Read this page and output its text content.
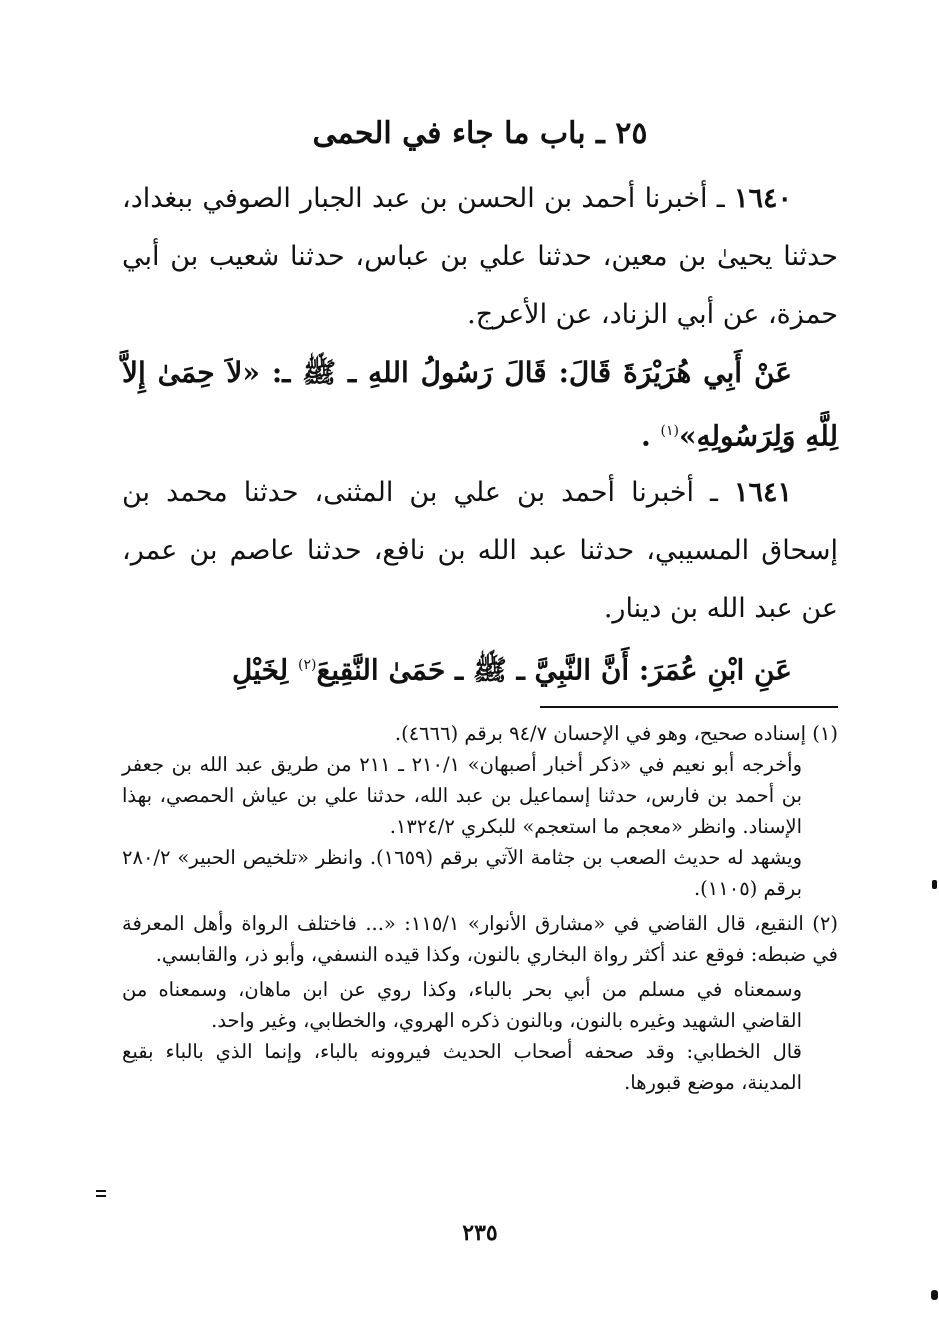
٢٥ ـ باب ما جاء في الحمى

١٦٤٠ ـ أخبرنا أحمد بن الحسن بن عبد الجبار الصوفي ببغداد، حدثنا يحيىٰ بن معين، حدثنا علي بن عباس، حدثنا شعيب بن أبي حمزة، عن أبي الزناد، عن الأعرج.

عَنْ أَبِي هُرَيْرَةَ قَالَ: قَالَ رَسُولُ اللهِ ـ ﷺ ـ: «لاَ حِمَىٰ إِلاَّ لِلَّهِ وَلِرَسُولِهِ»$^{(١)}$ .

١٦٤١ ـ أخبرنا أحمد بن علي بن المثنى، حدثنا محمد بن إسحاق المسيبي، حدثنا عبد الله بن نافع، حدثنا عاصم بن عمر، عن عبد الله بن دينار.

عَنِ ابْنِ عُمَرَ: أَنَّ النَّبِيَّ ـ ﷺ ـ حَمَىٰ النَّقِيعَ$^{(٢)}$ لِخَيْلِ

(١) إسناده صحيح، وهو في الإحسان ٩٤/٧ برقم (٤٦٦٦).

وأخرجه أبو نعيم في «ذكر أخبار أصبهان» ٢١٠/١ ـ ٢١١ من طريق عبد الله بن جعفر بن أحمد بن فارس، حدثنا إسماعيل بن عبد الله، حدثنا علي بن عياش الحمصي، بهذا الإسناد. وانظر «معجم ما استعجم» للبكري ١٣٢٤/٢.

ويشهد له حديث الصعب بن جثامة الآتي برقم (١٦٥٩). وانظر «تلخيص الحبير» ٢٨٠/٢ برقم (١١٠٥).

(٢) النقيع، قال القاضي في «مشارق الأنوار» ١١٥/١: «... فاختلف الرواة وأهل المعرفة في ضبطه: فوقع عند أكثر رواة البخاري بالنون، وكذا قيده النسفي، وأبو ذر، والقابسي.

وسمعناه في مسلم من أبي بحر بالباء، وكذا روي عن ابن ماهان، وسمعناه من القاضي الشهيد وغيره بالنون، وبالنون ذكره الهروي، والخطابي، وغير واحد.

قال الخطابي: وقد صحفه أصحاب الحديث فيروونه بالباء، وإنما الذي بالباء بقيع المدينة، موضع قبورها.

٢٣٥
